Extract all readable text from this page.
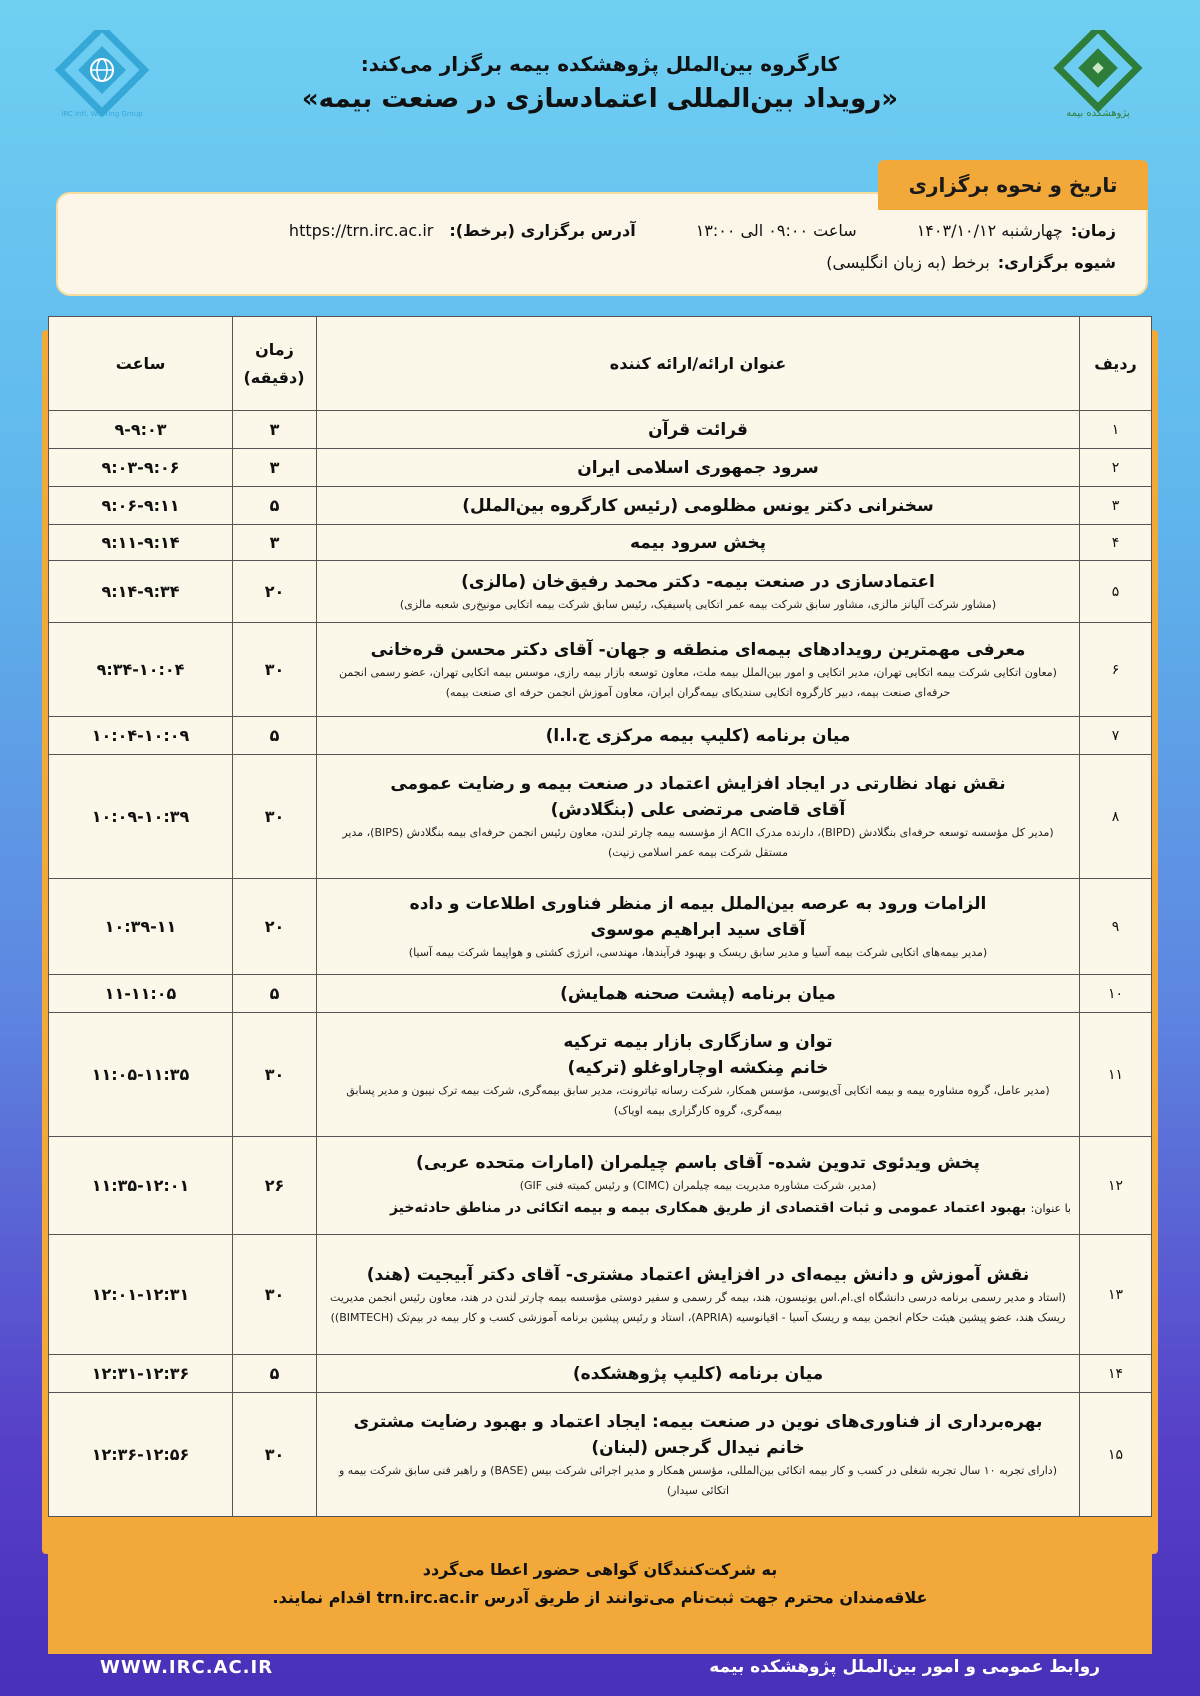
پژوهشکده بیمه
IRC Intl. Working Group
کارگروه بین‌الملل پژوهشکده بیمه برگزار می‌کند:
«رویداد بین‌المللی اعتمادسازی در صنعت بیمه»
تاریخ و نحوه برگزاری
زمان:
چهارشنبه ۱۴۰۳/۱۰/۱۲
ساعت ۰۹:۰۰ الی ۱۳:۰۰
آدرس برگزاری (برخط):
https://trn.irc.ac.ir
شیوه برگزاری:
برخط (به زبان انگلیسی)
ردیف	عنوان ارائه/ارائه کننده	زمان (دقیقه)	ساعت
۱	قرائت قرآن	۳	۹-۹:۰۳
۲	سرود جمهوری اسلامی ایران	۳	۹:۰۳-۹:۰۶
۳	سخنرانی دکتر یونس مظلومی (رئیس کارگروه بین‌الملل)	۵	۹:۰۶-۹:۱۱
۴	پخش سرود بیمه	۳	۹:۱۱-۹:۱۴
۵	اعتمادسازی در صنعت بیمه- دکتر محمد رفیق‌خان (مالزی)
(مشاور شرکت آلیانز مالزی، مشاور سابق شرکت بیمه عمر اتکایی پاسیفیک، رئیس سابق شرکت بیمه اتکایی مونیخ‌ری شعبه مالزی)	۲۰	۹:۱۴-۹:۳۴
۶	معرفی مهمترین رویدادهای بیمه‌ای منطقه و جهان- آقای دکتر محسن قره‌خانی
(معاون اتکایی شرکت بیمه اتکایی تهران، مدیر اتکایی و امور بین‌الملل بیمه ملت، معاون توسعه بازار بیمه رازی، موسس بیمه اتکایی تهران، عضو رسمی انجمن حرفه‌ای صنعت بیمه، دبیر کارگروه اتکایی سندیکای بیمه‌گران ایران، معاون آموزش انجمن حرفه ای صنعت بیمه)	۳۰	۹:۳۴-۱۰:۰۴
۷	میان برنامه (کلیپ بیمه مرکزی ج.ا.ا)	۵	۱۰:۰۴-۱۰:۰۹
۸	نقش نهاد نظارتی در ایجاد افزایش اعتماد در صنعت بیمه و رضایت عمومی
آقای قاضی مرتضی علی (بنگلادش)
(مدیر کل مؤسسه توسعه حرفه‌ای بنگلادش (BIPD)، دارنده مدرک ACII از مؤسسه بیمه چارتر لندن، معاون رئیس انجمن حرفه‌ای بیمه بنگلادش (BIPS)، مدیر مستقل شرکت بیمه عمر اسلامی زنیت)	۳۰	۱۰:۰۹-۱۰:۳۹
۹	الزامات ورود به عرصه بین‌الملل بیمه از منظر فناوری اطلاعات و داده
آقای سید ابراهیم موسوی
(مدیر بیمه‌های اتکایی شرکت بیمه آسیا و مدیر سابق ریسک و بهبود فرآیندها، مهندسی، انرژی کشتی و هواپیما شرکت بیمه آسیا)	۲۰	۱۰:۳۹-۱۱
۱۰	میان برنامه (پشت صحنه همایش)	۵	۱۱-۱۱:۰۵
۱۱	توان و سازگاری بازار بیمه ترکیه
خانم مِنکشه اوچاراوغلو (ترکیه)
(مدیر عامل، گروه مشاوره بیمه و بیمه اتکایی آی‌یوسی، مؤسس همکار، شرکت رسانه تیاترونت، مدیر سابق بیمه‌گری، شرکت بیمه ترک نیبون و مدیر پسابق بیمه‌گری، گروه کارگزاری بیمه اویاک)	۳۰	۱۱:۰۵-۱۱:۳۵
۱۲	پخش ویدئوی تدوین شده- آقای باسم چیلمران (امارات متحده عربی)
(مدیر، شرکت مشاوره مدیریت بیمه چیلمران (CIMC) و رئیس کمیته فنی GIF)
با عنوان: بهبود اعتماد عمومی و ثبات اقتصادی از طریق همکاری بیمه و بیمه اتکائی در مناطق حادثه‌خیز	۲۶	۱۱:۳۵-۱۲:۰۱
۱۳	نقش آموزش و دانش بیمه‌ای در افزایش اعتماد مشتری- آقای دکتر آبیجیت (هند)
(استاد و مدیر رسمی برنامه درسی دانشگاه ای.ام.اس یونیسون، هند، بیمه گر رسمی و سفیر دوستی مؤسسه بیمه چارتر لندن در هند، معاون رئیس انجمن مدیریت ریسک هند، عضو پیشین هیئت حکام انجمن بیمه و ریسک آسیا - اقیانوسیه (APRIA)، استاد و رئیس پیشین برنامه آموزشی کسب و کار بیمه در بیم‌تک (BIMTECH))	۳۰	۱۲:۰۱-۱۲:۳۱
۱۴	میان برنامه (کلیپ پژوهشکده)	۵	۱۲:۳۱-۱۲:۳۶
۱۵	بهره‌برداری از فناوری‌های نوین در صنعت بیمه: ایجاد اعتماد و بهبود رضایت مشتری
خانم نیدال گرجس (لبنان)
(دارای تجربه ۱۰ سال تجربه شغلی در کسب و کار بیمه اتکائی بین‌المللی، مؤسس همکار و مدیر اجرائی شرکت بیس (BASE) و راهبر فنی سابق شرکت بیمه و اتکائی سیدار)	۳۰	۱۲:۳۶-۱۲:۵۶
به شرکت‌کنندگان گواهی حضور اعطا می‌گردد
علاقه‌مندان محترم جهت ثبت‌نام می‌توانند از طریق آدرس trn.irc.ac.ir اقدام نمایند.
WWW.IRC.AC.IR	روابط عمومی و امور بین‌الملل پژوهشکده بیمه
